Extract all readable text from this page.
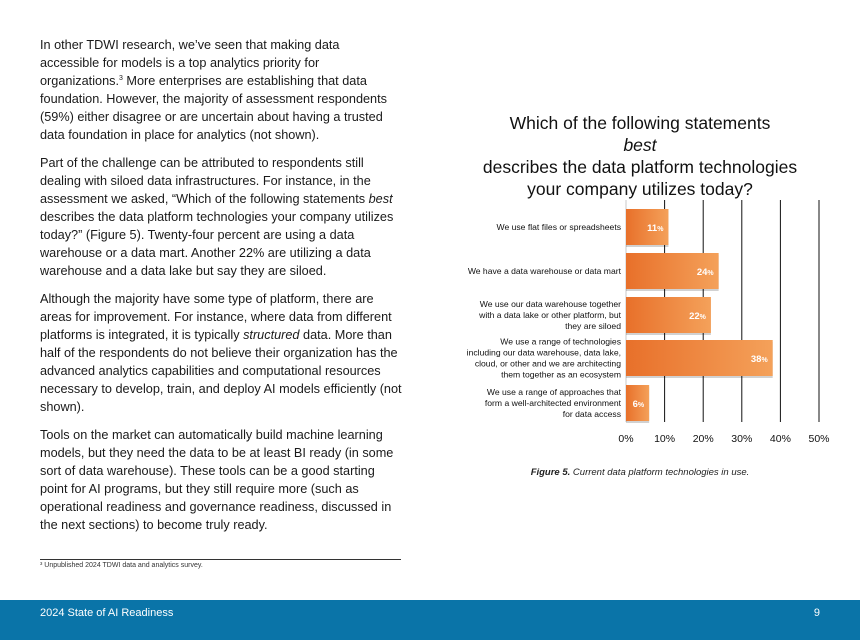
In other TDWI research, we’ve seen that making data accessible for models is a top analytics priority for organizations.$^3$ More enterprises are establishing that data foundation. However, the majority of assessment respondents (59%) either disagree or are uncertain about having a trusted data foundation in place for analytics (not shown).

Part of the challenge can be attributed to respondents still dealing with siloed data infrastructures. For instance, in the assessment we asked, “Which of the following statements best describes the data platform technologies your company utilizes today?” (Figure 5). Twenty-four percent are using a data warehouse or a data mart. Another 22% are utilizing a data warehouse and a data lake but say they are siloed.

Although the majority have some type of platform, there are areas for improvement. For instance, where data from different platforms is integrated, it is typically structured data. More than half of the respondents do not believe their organization has the advanced analytics capabilities and computational resources necessary to develop, train, and deploy AI models efficiently (not shown).

Tools on the market can automatically build machine learning models, but they need the data to be at least BI ready (in some sort of data warehouse). These tools can be a good starting point for AI programs, but they still require more (such as operational readiness and governance readiness, discussed in the next sections) to become truly ready.

³ Unpublished 2024 TDWI data and analytics survey.
Which of the following statements
best
describes the data platform technologies
your company utilizes today?
11%
24%
22%
38%
6%
We use flat files or spreadsheets
We have a data warehouse or data mart
We use our data warehouse together with a data lake or other platform, but they are siloed
We use a range of technologies including our data warehouse, data lake, cloud, or other and we are architecting them together as an ecosystem
We use a range of approaches that form a well-architected environment for data access
0% 10% 20% 30% 40% 50%
Figure 5. Current data platform technologies in use.
2024 State of AI Readiness	9
